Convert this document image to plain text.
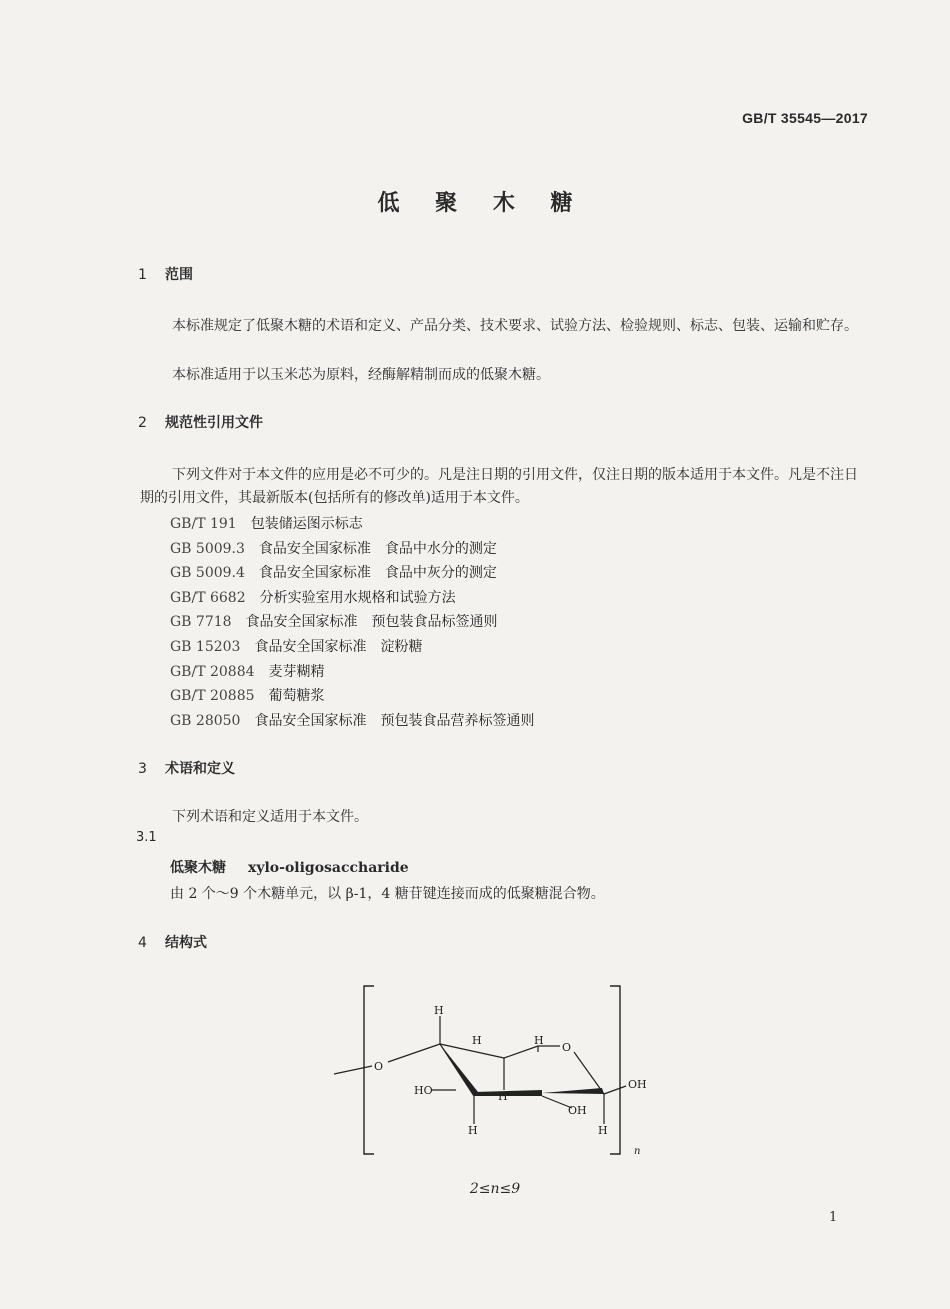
GB/T 35545—2017
低 聚 木 糖
1 范围
本标准规定了低聚木糖的术语和定义、产品分类、技术要求、试验方法、检验规则、标志、包装、运输和贮存。
本标准适用于以玉米芯为原料，经酶解精制而成的低聚木糖。
2 规范性引用文件
下列文件对于本文件的应用是必不可少的。凡是注日期的引用文件，仅注日期的版本适用于本文件。凡是不注日期的引用文件，其最新版本(包括所有的修改单)适用于本文件。
GB/T 191 包装储运图示标志
GB 5009.3 食品安全国家标准　食品中水分的测定
GB 5009.4 食品安全国家标准　食品中灰分的测定
GB/T 6682 分析实验室用水规格和试验方法
GB 7718 食品安全国家标准　预包装食品标签通则
GB 15203 食品安全国家标准　淀粉糖
GB/T 20884 麦芽糊精
GB/T 20885 葡萄糖浆
GB 28050 食品安全国家标准　预包装食品营养标签通则
3 术语和定义
下列术语和定义适用于本文件。
3.1
低聚木糖 xylo-oligosaccharide
由 2 个～9 个木糖单元，以 β-1，4 糖苷键连接而成的低聚糖混合物。
4 结构式
O
H
H	H
O
HO	H
OH
OH
H	H
n
2≤n≤9
1
